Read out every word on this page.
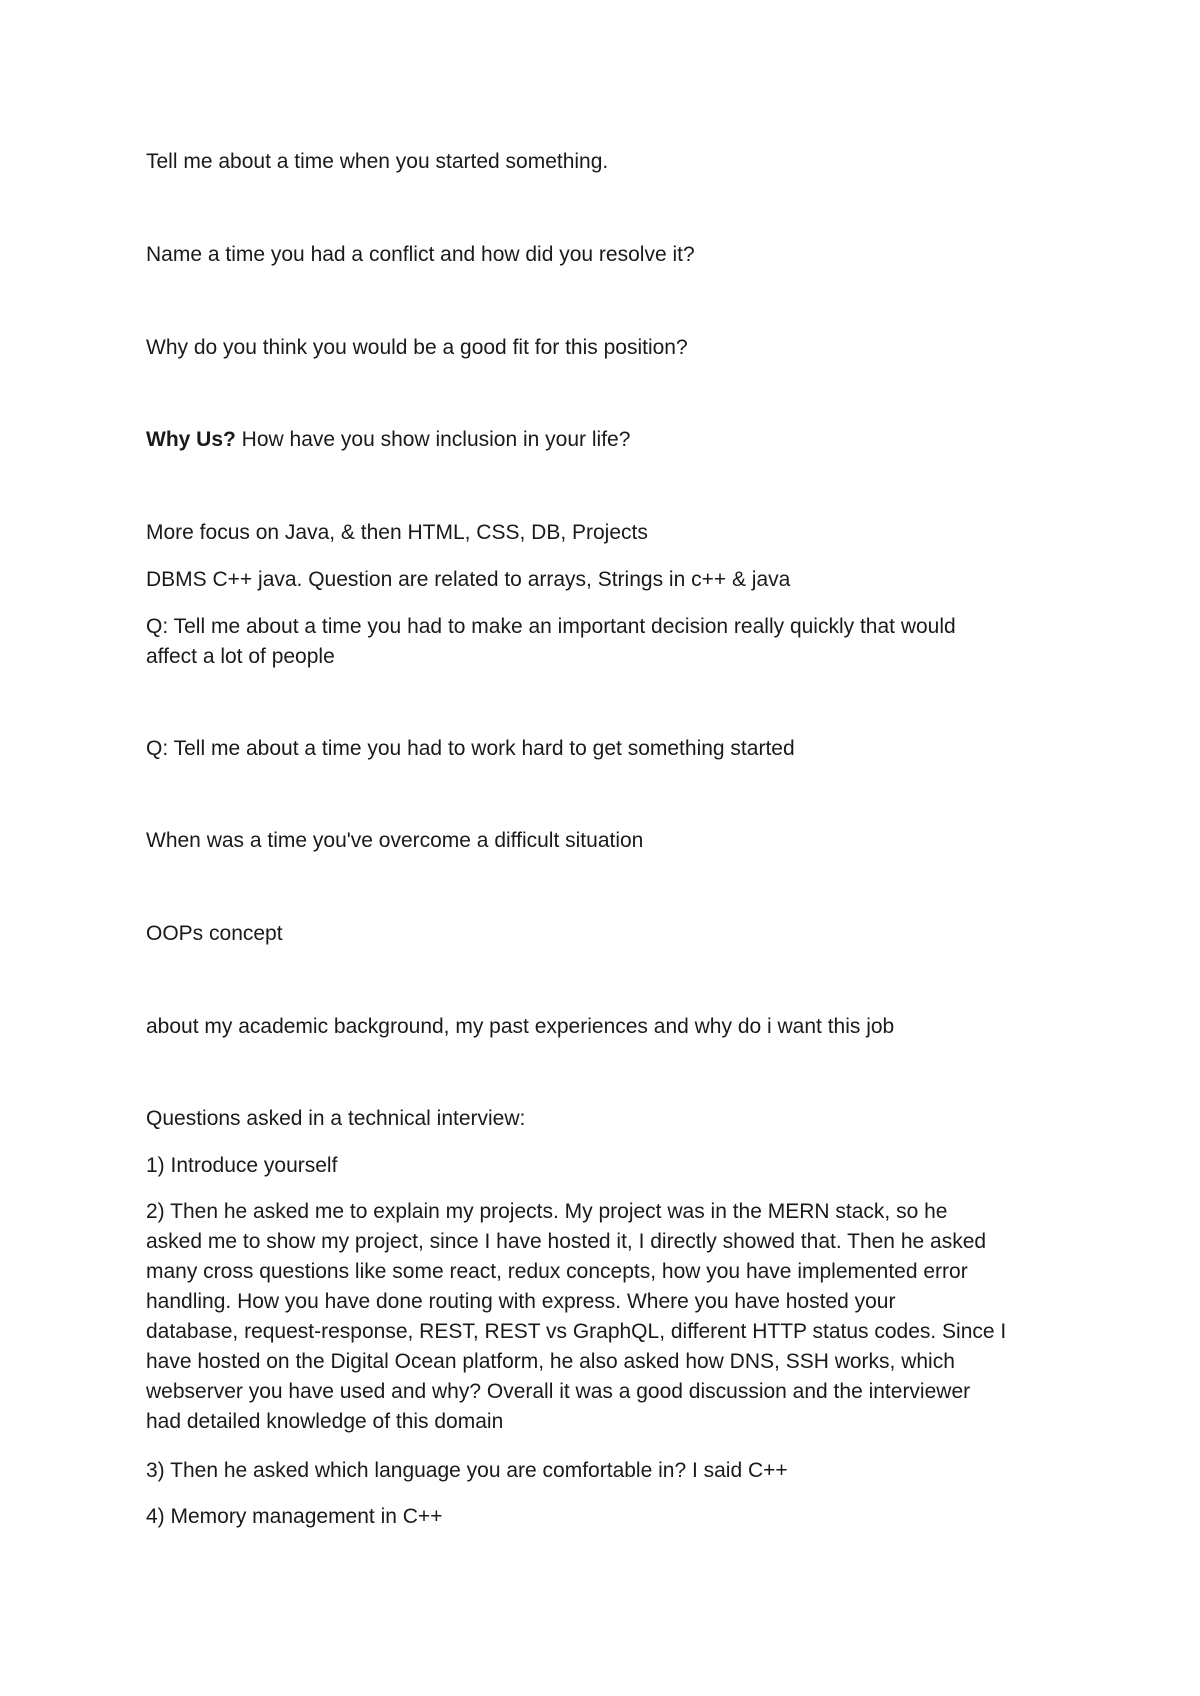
Tell me about a time when you started something.
Name a time you had a conflict and how did you resolve it?
Why do you think you would be a good fit for this position?
Why Us? How have you show inclusion in your life?
More focus on Java, & then HTML, CSS, DB, Projects
DBMS C++ java. Question are related to arrays, Strings in c++ & java
Q: Tell me about a time you had to make an important decision really quickly that would
affect a lot of people
Q: Tell me about a time you had to work hard to get something started
When was a time you've overcome a difficult situation
OOPs concept
about my academic background, my past experiences and why do i want this job
Questions asked in a technical interview:
1) Introduce yourself
2) Then he asked me to explain my projects. My project was in the MERN stack, so he
asked me to show my project, since I have hosted it, I directly showed that. Then he asked
many cross questions like some react, redux concepts, how you have implemented error
handling. How you have done routing with express. Where you have hosted your
database, request-response, REST, REST vs GraphQL, different HTTP status codes. Since I
have hosted on the Digital Ocean platform, he also asked how DNS, SSH works, which
webserver you have used and why? Overall it was a good discussion and the interviewer
had detailed knowledge of this domain
3) Then he asked which language you are comfortable in? I said C++
4) Memory management in C++
